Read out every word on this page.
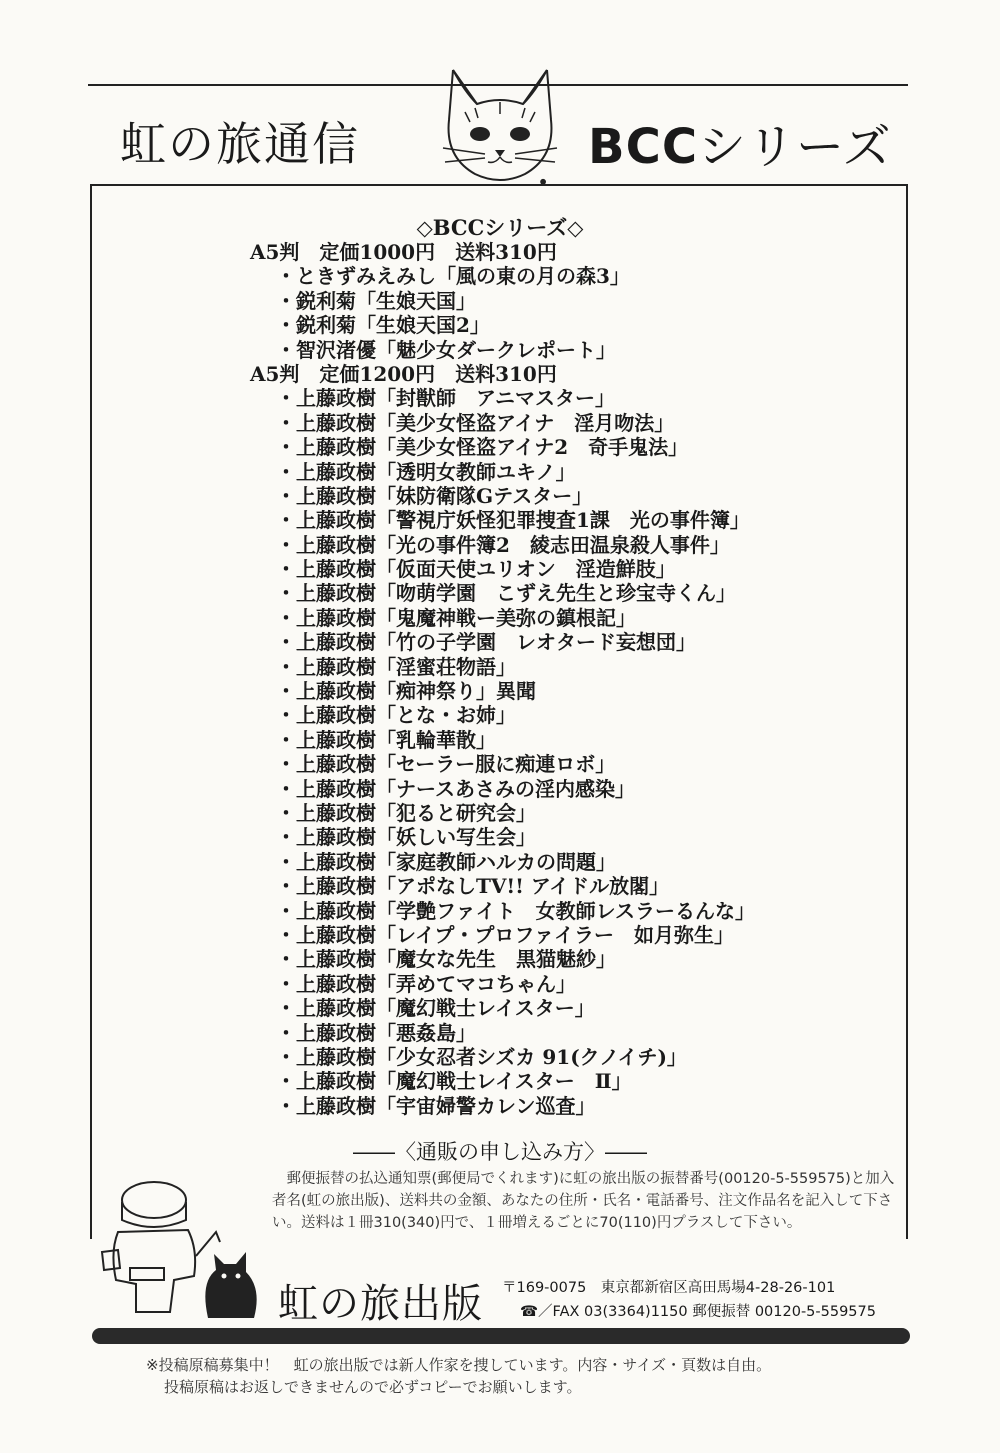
虹の旅通信	BCCシリーズ
◇BCCシリーズ◇
A5判　定価1000円　送料310円
・ ときずみえみし「風の東の月の森3」
・ 鋭利菊「生娘天国」
・ 鋭利菊「生娘天国2」
・ 智沢渚優「魅少女ダークレポート」
A5判　定価1200円　送料310円
・ 上藤政樹「封獣師　アニマスター」
・ 上藤政樹「美少女怪盗アイナ　淫月吻法」
・ 上藤政樹「美少女怪盗アイナ2　奇手鬼法」
・ 上藤政樹「透明女教師ユキノ」
・ 上藤政樹「妹防衛隊Gテスター」
・ 上藤政樹「警視庁妖怪犯罪捜査1課　光の事件簿」
・ 上藤政樹「光の事件簿2　綾志田温泉殺人事件」
・ 上藤政樹「仮面天使ユリオン　淫造鮮肢」
・ 上藤政樹「吻萌学園　こずえ先生と珍宝寺くん」
・ 上藤政樹「鬼魔神戦ー美弥の鎮根記」
・ 上藤政樹「竹の子学園　レオタード妄想団」
・ 上藤政樹「淫蜜荘物語」
・ 上藤政樹「痴神祭り」異聞
・ 上藤政樹「とな・お姉」
・ 上藤政樹「乳輪華散」
・ 上藤政樹「セーラー服に痴連ロボ」
・ 上藤政樹「ナースあさみの淫内感染」
・ 上藤政樹「犯ると研究会」
・ 上藤政樹「妖しい写生会」
・ 上藤政樹「家庭教師ハルカの問題」
・ 上藤政樹「アポなしTV!! アイドル放閣」
・ 上藤政樹「学艶ファイト　女教師レスラーるんな」
・ 上藤政樹「レイプ・プロファイラー　如月弥生」
・ 上藤政樹「魔女な先生　黒猫魅紗」
・ 上藤政樹「弄めてマコちゃん」
・ 上藤政樹「魔幻戦士レイスター」
・ 上藤政樹「悪姦島」
・ 上藤政樹「少女忍者シズカ 91(クノイチ)」
・ 上藤政樹「魔幻戦士レイスター　Ⅱ」
・ 上藤政樹「宇宙婦警カレン巡査」
――〈通販の申し込み方〉――
郵便振替の払込通知票(郵便局でくれます)に虹の旅出版の振替番号(00120-5-559575)と加入者名(虹の旅出版)、送料共の金額、あなたの住所・氏名・電話番号、注文作品名を記入して下さい。送料は１冊310(340)円で、１冊増えるごとに70(110)円プラスして下さい。
虹の旅出版 〒169-0075　東京都新宿区高田馬場4-28-26-101
☎／FAX 03(3364)1150 郵便振替 00120-5-559575
※投稿原稿募集中！　虹の旅出版では新人作家を捜しています。内容・サイズ・頁数は自由。
投稿原稿はお返しできませんので必ずコピーでお願いします。
